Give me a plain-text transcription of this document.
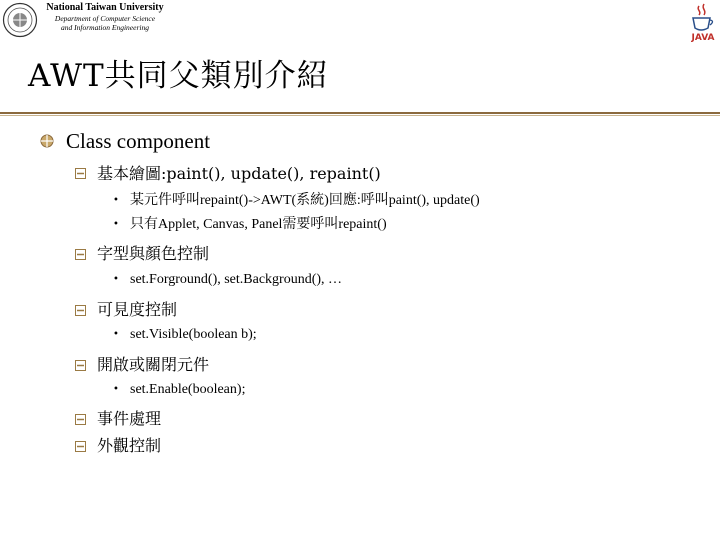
National Taiwan University
Department of Computer Science
and Information Engineering
JAVA
AWT共同父類別介紹
Class component
基本繪圖:paint(), update(), repaint()
• 某元件呼叫repaint()->AWT(系統)回應:呼叫paint(), update()
• 只有Applet, Canvas, Panel需要呼叫repaint()
字型與顏色控制
• set.Forground(), set.Background(), …
可見度控制
• set.Visible(boolean b);
開啟或關閉元件
• set.Enable(boolean);
事件處理
外觀控制
